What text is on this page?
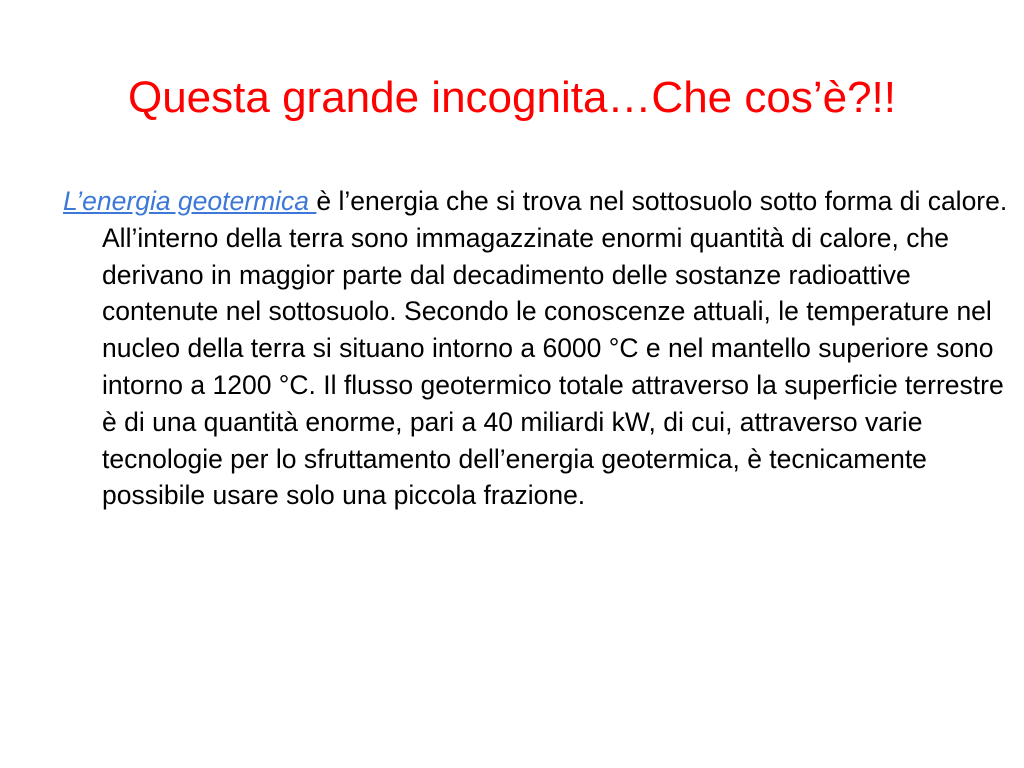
Questa grande incognita…Che cos’è?!!

L’energia geotermica è l’energia che si trova nel sottosuolo sotto forma di calore. All’interno della terra sono immagazzinate enormi quantità di calore, che derivano in maggior parte dal decadimento delle sostanze radioattive contenute nel sottosuolo. Secondo le conoscenze attuali, le temperature nel nucleo della terra si situano intorno a 6000 °C e nel mantello superiore sono intorno a 1200 °C. Il flusso geotermico totale attraverso la superficie terrestre è di una quantità enorme, pari a 40 miliardi kW, di cui, attraverso varie tecnologie per lo sfruttamento dell’energia geotermica, è tecnicamente possibile usare solo una piccola frazione.
